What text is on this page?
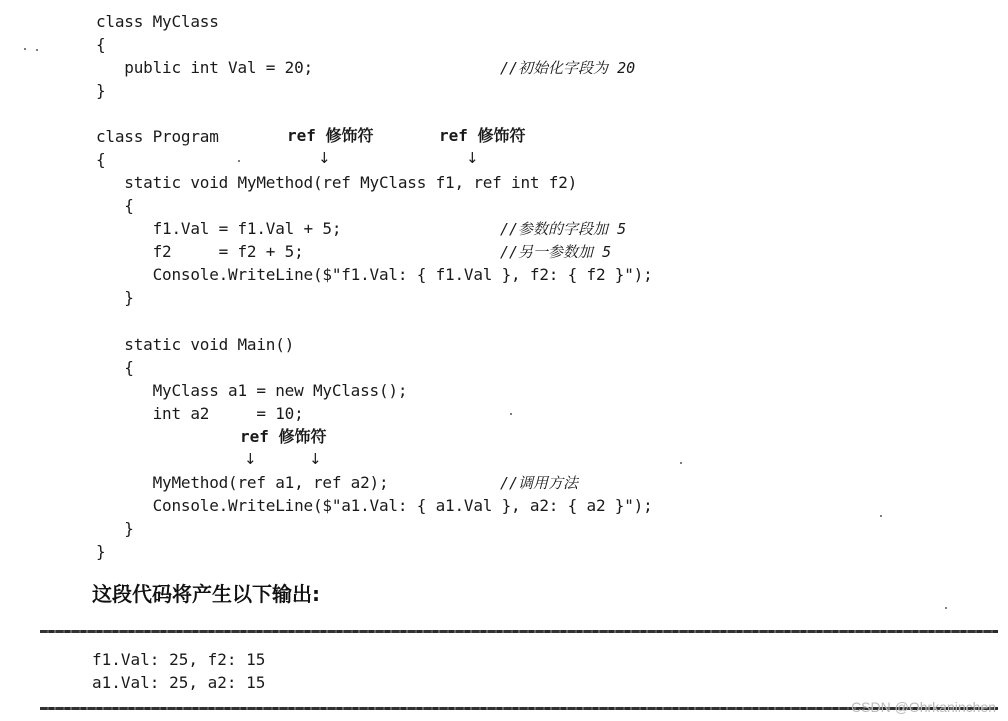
class MyClass
{
public int Val = 20;	//初始化字段为 20
}
class Program	ref 修饰符	ref 修饰符
↓	↓
{
static void MyMethod(ref MyClass f1, ref int f2)
{
f1.Val = f1.Val + 5;	//参数的字段加 5
f2     = f2 + 5;	//另一参数加 5
Console.WriteLine($"f1.Val: { f1.Val }, f2: { f2 }");
}
static void Main()
{
MyClass a1 = new MyClass();
int a2     = 10;
ref 修饰符
↓	↓
MyMethod(ref a1, ref a2);	//调用方法
Console.WriteLine($"a1.Val: { a1.Val }, a2: { a2 }");
}
}
这段代码将产生以下输出:
f1.Val: 25, f2: 15
a1.Val: 25, a2: 15
CSDN @Ohrkaninchen
